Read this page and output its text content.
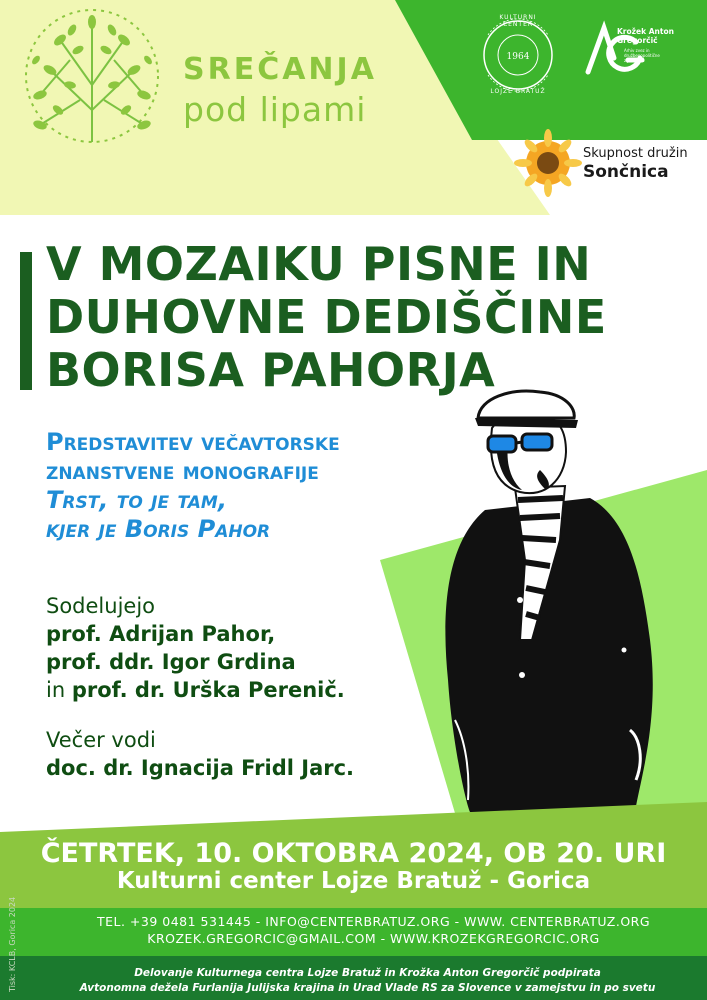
1964
KULTURNI CENTER
LOJZE BRATUŽ
Krožek Anton Gregorčič
Arhiv zvez in družbenopolitične zgodovine
Skupnost družin
Sončnica
SREČANJA
pod lipami
V MOZAIKU PISNE IN
DUHOVNE DEDIŠČINE
BORISA PAHORJA
Predstavitev večavtorske
znanstvene monografije
Trst, to je tam,
kjer je Boris Pahor
Sodelujejo
prof. Adrijan Pahor,
prof. ddr. Igor Grdina
in prof. dr. Urška Perenič.
Večer vodi
doc. dr. Ignacija Fridl Jarc.
ČETRTEK, 10. OKTOBRA 2024, OB 20. URI
Kulturni center Lojze Bratuž - Gorica
TEL. +39 0481 531445 - INFO@CENTERBRATUZ.ORG - WWW. CENTERBRATUZ.ORG
KROZEK.GREGORCIC@GMAIL.COM - WWW.KROZEKGREGORCIC.ORG
Delovanje Kulturnega centra Lojze Bratuž in Krožka Anton Gregorčič podpirata
Avtonomna dežela Furlanija Julijska krajina in Urad Vlade RS za Slovence v zamejstvu in po svetu
Tisk: KCLB, Gorica 2024
